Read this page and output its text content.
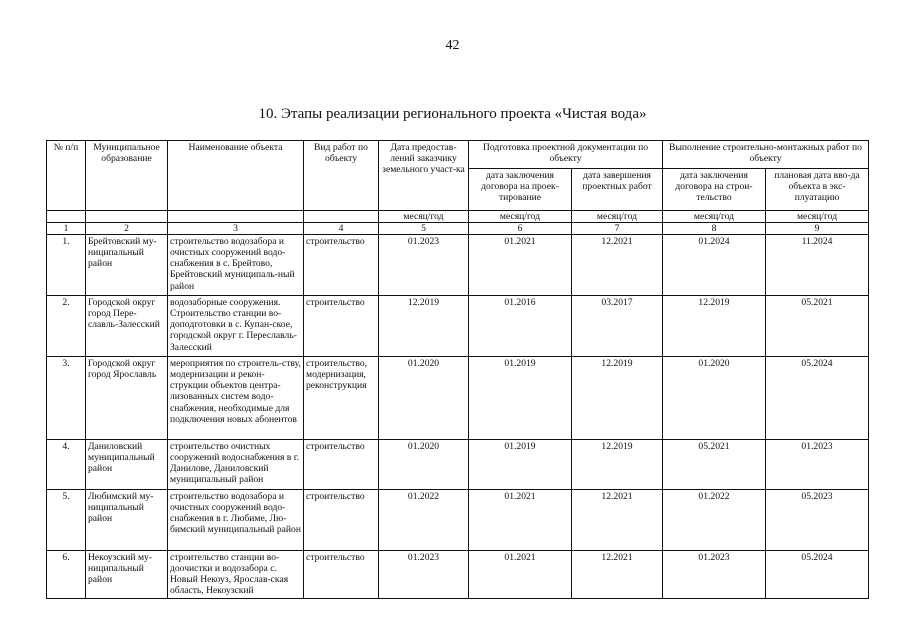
42
10. Этапы реализации регионального проекта «Чистая вода»
№ п/п	Муниципальное образование	Наименование объекта	Вид работ по объекту	Дата предостав-лений заказчику земельного участ-ка	Подготовка проектной документации по объекту		Выполнение строительно-монтажных работ по объекту	
					дата заключения договора на проек-тирование	дата завершения проектных работ	дата заключения договора на строи-тельство	плановая дата вво-да объекта в экс-плуатацию
				месяц/год	месяц/год	месяц/год	месяц/год	месяц/год
1	2	3	4	5	6	7	8	9
1.	Брейтовский му-ниципальный район	строительство водозабора и очистных сооружений водо-снабжения в с. Брейтово, Брейтовский муниципаль-ный район	строительство	01.2023	01.2021	12.2021	01.2024	11.2024
2.	Городской округ город Пере-славль-Залесский	водозаборные сооружения. Строительство станции во-доподготовки в с. Купан-ское, городской округ г. Переславль-Залесский	строительство	12.2019	01.2016	03.2017	12.2019	05.2021
3.	Городской округ город Ярославль	мероприятия по строитель-ству, модернизации и рекон-струкции объектов центра-лизованных систем водо-снабжения, необходимые для подключения новых абонентов	строительство, модернизация, реконструкция	01.2020	01.2019	12.2019	01.2020	05.2024
4.	Даниловский муниципальный район	строительство очистных сооружений водоснабжения в г. Данилове, Даниловский муниципальный район	строительство	01.2020	01.2019	12.2019	05.2021	01.2023
5.	Любимский му-ниципальный район	строительство водозабора и очистных сооружений водо-снабжения в г. Любиме, Лю-бимский муниципальный район	строительство	01.2022	01.2021	12.2021	01.2022	05.2023
6.	Некоузский му-ниципальный район	строительство станции во-доочистки и водозабора с. Новый Некоуз, Ярослав-ская область, Некоузский	строительство	01.2023	01.2021	12.2021	01.2023	05.2024
